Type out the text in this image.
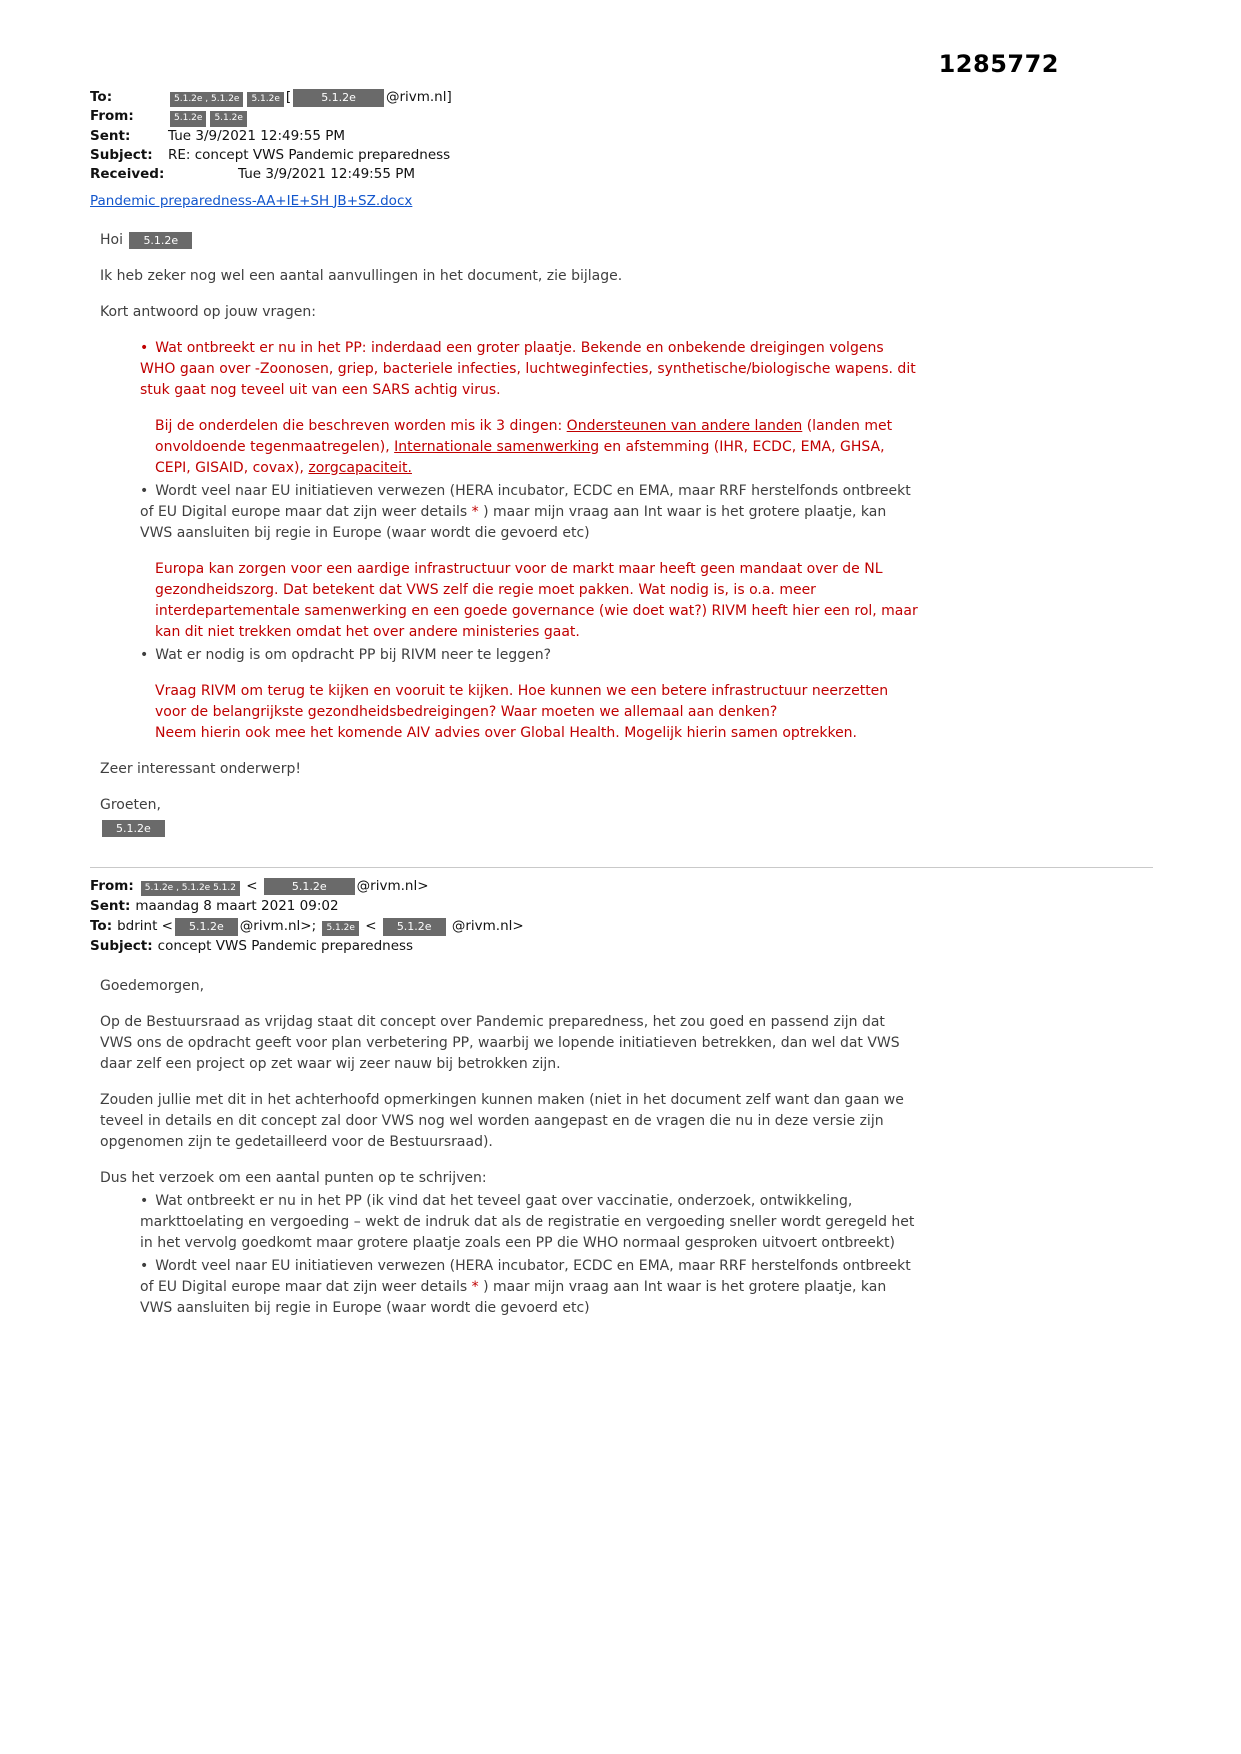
1285772
To:	5.1.2e , 5.1.2e 5.1.2e [	5.1.2e @rivm.nl]
From:	5.1.2e 5.1.2e
Sent:	Tue 3/9/2021 12:49:55 PM
Subject:	RE: concept VWS Pandemic preparedness
Received:	Tue 3/9/2021 12:49:55 PM
Pandemic preparedness-AA+IE+SH JB+SZ.docx
Hoi 5.1.2e
Ik heb zeker nog wel een aantal aanvullingen in het document, zie bijlage.
Kort antwoord op jouw vragen:
• Wat ontbreekt er nu in het PP: inderdaad een groter plaatje. Bekende en onbekende dreigingen volgens
WHO gaan over -Zoonosen, griep, bacteriele infecties, luchtweginfecties, synthetische/biologische wapens. dit
stuk gaat nog teveel uit van een SARS achtig virus.
Bij de onderdelen die beschreven worden mis ik 3 dingen: Ondersteunen van andere landen (landen met
onvoldoende tegenmaatregelen), Internationale samenwerking en afstemming (IHR, ECDC, EMA, GHSA,
CEPI, GISAID, covax), zorgcapaciteit.
• Wordt veel naar EU initiatieven verwezen (HERA incubator, ECDC en EMA, maar RRF herstelfonds ontbreekt
of EU Digital europe maar dat zijn weer details * ) maar mijn vraag aan Int waar is het grotere plaatje, kan
VWS aansluiten bij regie in Europe (waar wordt die gevoerd etc)
Europa kan zorgen voor een aardige infrastructuur voor de markt maar heeft geen mandaat over de NL
gezondheidszorg. Dat betekent dat VWS zelf die regie moet pakken. Wat nodig is, is o.a. meer
interdepartementale samenwerking en een goede governance (wie doet wat?) RIVM heeft hier een rol, maar
kan dit niet trekken omdat het over andere ministeries gaat.
• Wat er nodig is om opdracht PP bij RIVM neer te leggen?
Vraag RIVM om terug te kijken en vooruit te kijken. Hoe kunnen we een betere infrastructuur neerzetten
voor de belangrijkste gezondheidsbedreigingen? Waar moeten we allemaal aan denken?
Neem hierin ook mee het komende AIV advies over Global Health. Mogelijk hierin samen optrekken.
Zeer interessant onderwerp!
Groeten,
5.1.2e
From: 5.1.2e , 5.1.2e 5.1.2 <	5.1.2e @rivm.nl>
Sent: maandag 8 maart 2021 09:02
To: bdrint < 5.1.2e @rivm.nl>; 5.1.2e < 5.1.2e @rivm.nl>
Subject: concept VWS Pandemic preparedness
Goedemorgen,
Op de Bestuursraad as vrijdag staat dit concept over Pandemic preparedness, het zou goed en passend zijn dat
VWS ons de opdracht geeft voor plan verbetering PP, waarbij we lopende initiatieven betrekken, dan wel dat VWS
daar zelf een project op zet waar wij zeer nauw bij betrokken zijn.
Zouden jullie met dit in het achterhoofd opmerkingen kunnen maken (niet in het document zelf want dan gaan we
teveel in details en dit concept zal door VWS nog wel worden aangepast en de vragen die nu in deze versie zijn
opgenomen zijn te gedetailleerd voor de Bestuursraad).
Dus het verzoek om een aantal punten op te schrijven:
• Wat ontbreekt er nu in het PP (ik vind dat het teveel gaat over vaccinatie, onderzoek, ontwikkeling,
markttoelating en vergoeding – wekt de indruk dat als de registratie en vergoeding sneller wordt geregeld het
in het vervolg goedkomt maar grotere plaatje zoals een PP die WHO normaal gesproken uitvoert ontbreekt)
• Wordt veel naar EU initiatieven verwezen (HERA incubator, ECDC en EMA, maar RRF herstelfonds ontbreekt
of EU Digital europe maar dat zijn weer details * ) maar mijn vraag aan Int waar is het grotere plaatje, kan
VWS aansluiten bij regie in Europe (waar wordt die gevoerd etc)
